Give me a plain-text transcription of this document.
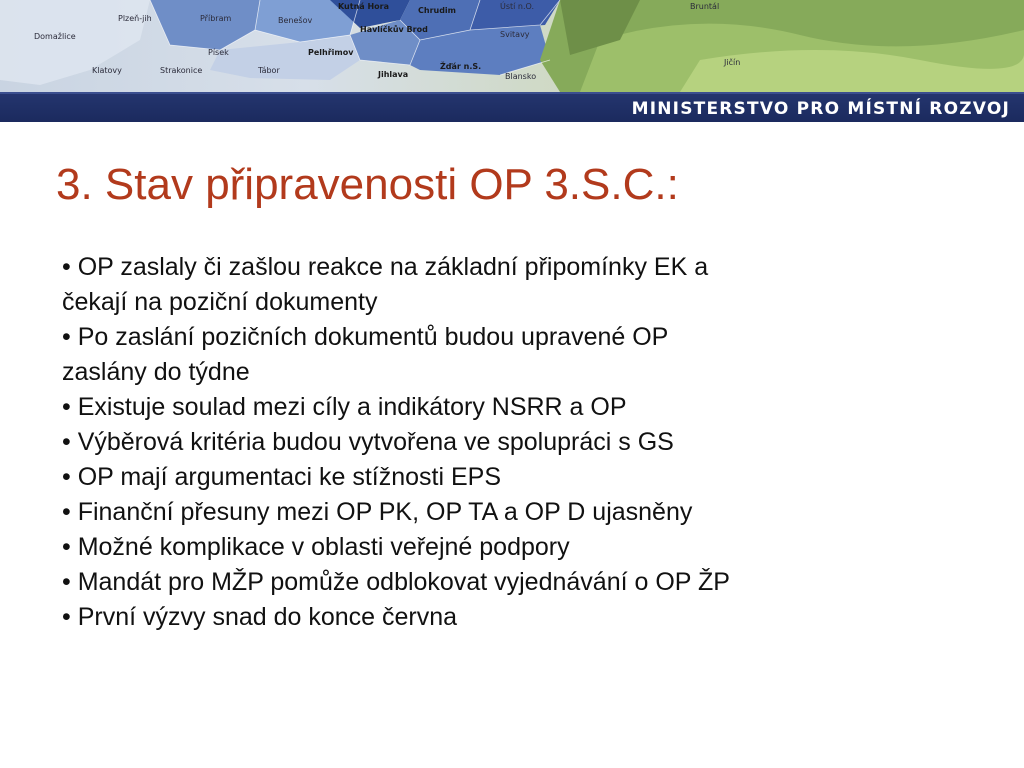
Plzeň-jih	Příbram	Benešov
Kutná Hora	Chrudim	Ústí n.O.
Domažlice
Havlíčkův Brod
Svitavy
Písek	Pelhřimov
Klatovy	Strakonice	Tábor	Jihlava
Žďár n.S.
Blansko
Bruntál
Jičín
MINISTERSTVO PRO MÍSTNÍ ROZVOJ
3. Stav připravenosti OP 3.S.C.:
• OP zaslaly či zašlou reakce na základní připomínky EK a
čekají na poziční dokumenty
• Po zaslání pozičních dokumentů budou upravené OP
zaslány do týdne
• Existuje soulad mezi cíly a indikátory NSRR a OP
• Výběrová kritéria budou vytvořena ve spolupráci s GS
• OP mají argumentaci ke stížnosti EPS
• Finanční přesuny mezi OP PK, OP TA a OP D ujasněny
• Možné komplikace v oblasti veřejné podpory
• Mandát pro MŽP pomůže odblokovat vyjednávání o OP ŽP
• První výzvy snad do konce června
